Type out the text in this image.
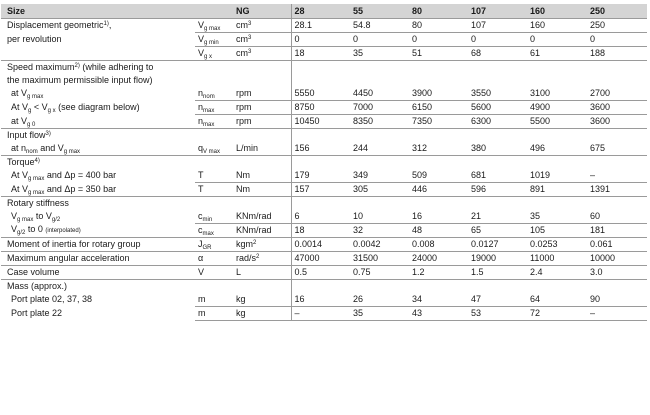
Size		NG	28	55	80	107	160	250
Displacement geometric$^{1)}$,	$V_{g max}$	$cm^3$	28.1	54.8	80	107	160	250
per revolution	$V_{g min}$	$cm^3$	0	0	0	0	0	0
	$V_{g x}$	$cm^3$	18	35	51	68	61	188
Speed maximum$^{2)}$ (while adhering to								
the maximum permissible input flow)								
at $V_{g max}$	$n_{nom}$	rpm	5550	4450	3900	3550	3100	2700
At $V_g < V_{g x}$ (see diagram below)	$n_{max}$	rpm	8750	7000	6150	5600	4900	3600
at $V_{g 0}$	$n_{max}$	rpm	10450	8350	7350	6300	5500	3600
Input flow$^{3)}$								
at $n_{nom}$ and $V_{g max}$	$q_{V max}$	L/min	156	244	312	380	496	675
Torque$^{4)}$								
At $V_{g max}$ and Δp = 400 bar	T	Nm	179	349	509	681	1019	–
At $V_{g max}$ and Δp = 350 bar	T	Nm	157	305	446	596	891	1391
Rotary stiffness								
$V_{g max}$ to $V_{g/2}$	$c_{min}$	KNm/rad	6	10	16	21	35	60
$V_{g/2}$ to 0 (interpolated)	$c_{max}$	KNm/rad	18	32	48	65	105	181
Moment of inertia for rotary group	$J_{GR}$	kgm$^2$	0.0014	0.0042	0.008	0.0127	0.0253	0.061
Maximum angular acceleration	α	rad/$s^2$	47000	31500	24000	19000	11000	10000
Case volume	V	L	0.5	0.75	1.2	1.5	2.4	3.0
Mass (approx.)								
Port plate 02, 37, 38	m	kg	16	26	34	47	64	90
Port plate 22	m	kg	–	35	43	53	72	–
